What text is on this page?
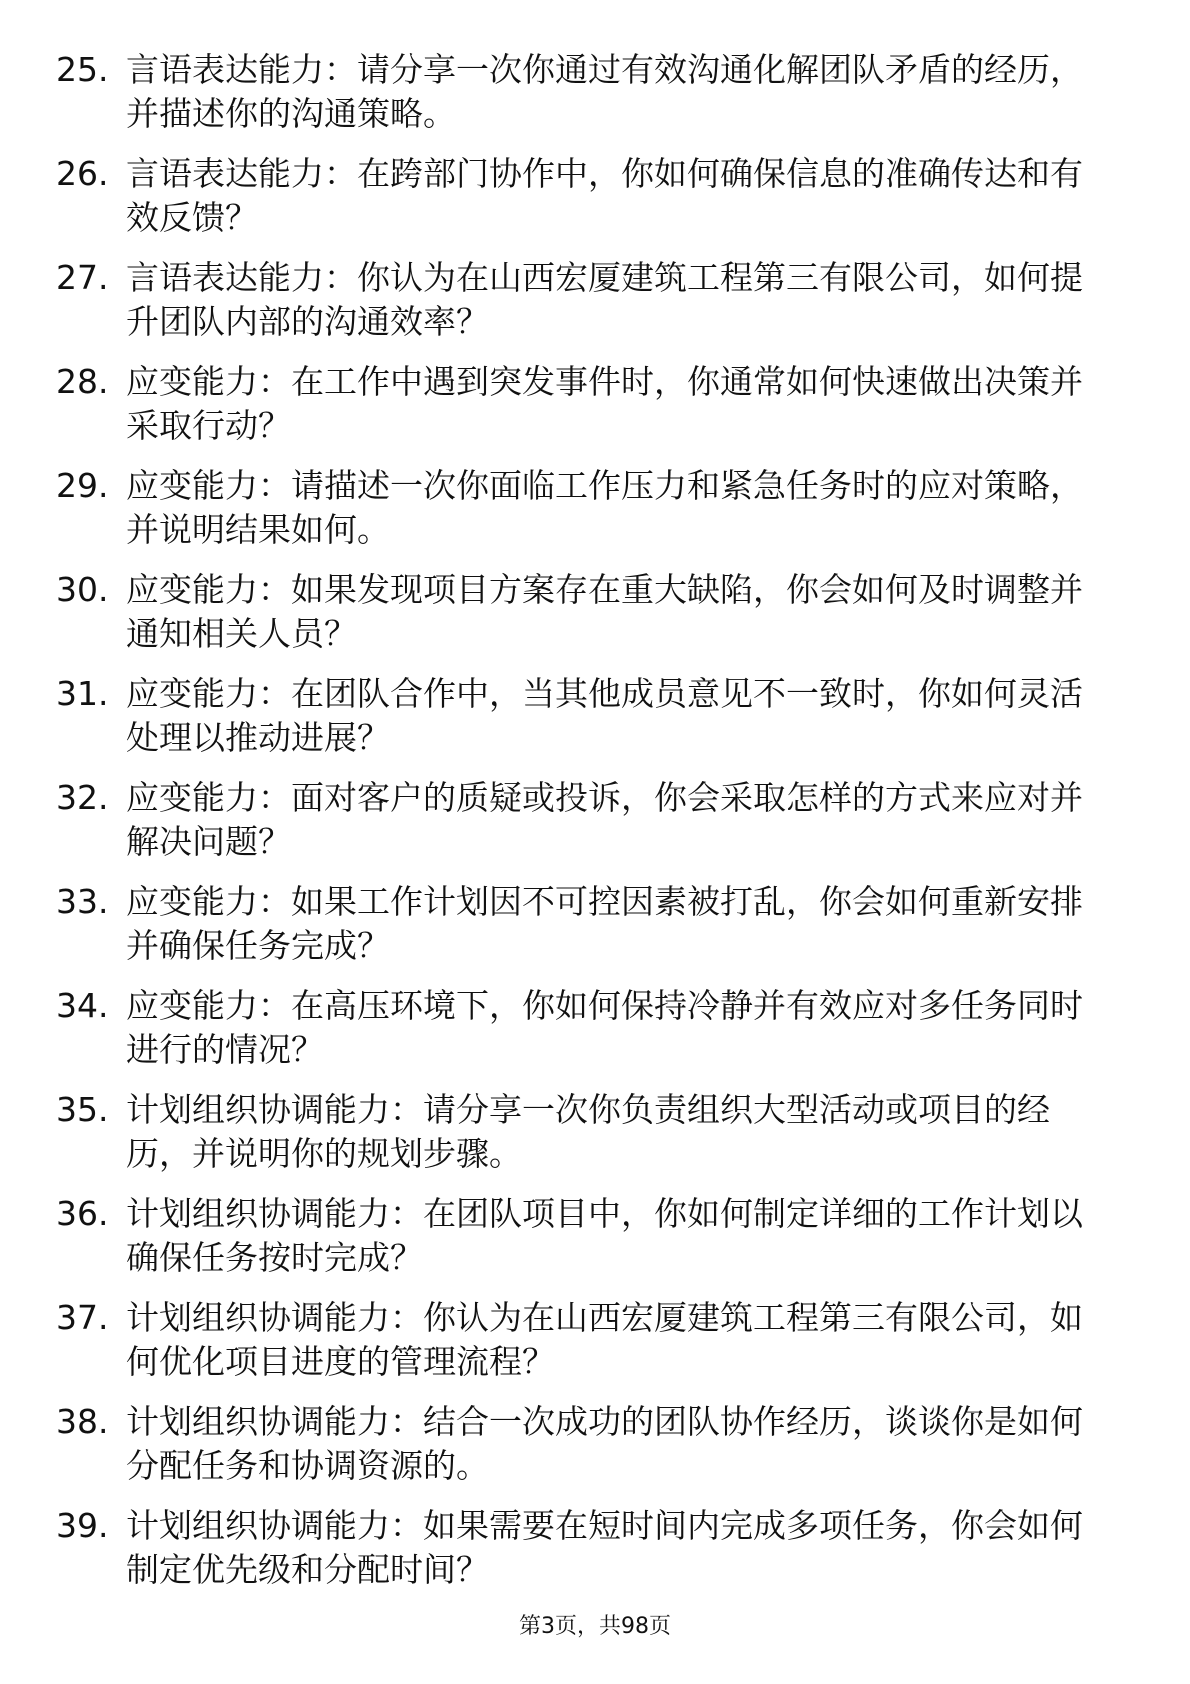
25. 言语表达能力：请分享一次你通过有效沟通化解团队矛盾的经历，并描述你的沟通策略。
26. 言语表达能力：在跨部门协作中，你如何确保信息的准确传达和有效反馈？
27. 言语表达能力：你认为在山西宏厦建筑工程第三有限公司，如何提升团队内部的沟通效率？
28. 应变能力：在工作中遇到突发事件时，你通常如何快速做出决策并采取行动？
29. 应变能力：请描述一次你面临工作压力和紧急任务时的应对策略，并说明结果如何。
30. 应变能力：如果发现项目方案存在重大缺陷，你会如何及时调整并通知相关人员？
31. 应变能力：在团队合作中，当其他成员意见不一致时，你如何灵活处理以推动进展？
32. 应变能力：面对客户的质疑或投诉，你会采取怎样的方式来应对并解决问题？
33. 应变能力：如果工作计划因不可控因素被打乱，你会如何重新安排并确保任务完成？
34. 应变能力：在高压环境下，你如何保持冷静并有效应对多任务同时进行的情况？
35. 计划组织协调能力：请分享一次你负责组织大型活动或项目的经历，并说明你的规划步骤。
36. 计划组织协调能力：在团队项目中，你如何制定详细的工作计划以确保任务按时完成？
37. 计划组织协调能力：你认为在山西宏厦建筑工程第三有限公司，如何优化项目进度的管理流程？
38. 计划组织协调能力：结合一次成功的团队协作经历，谈谈你是如何分配任务和协调资源的。
39. 计划组织协调能力：如果需要在短时间内完成多项任务，你会如何制定优先级和分配时间？
第3页，共98页
